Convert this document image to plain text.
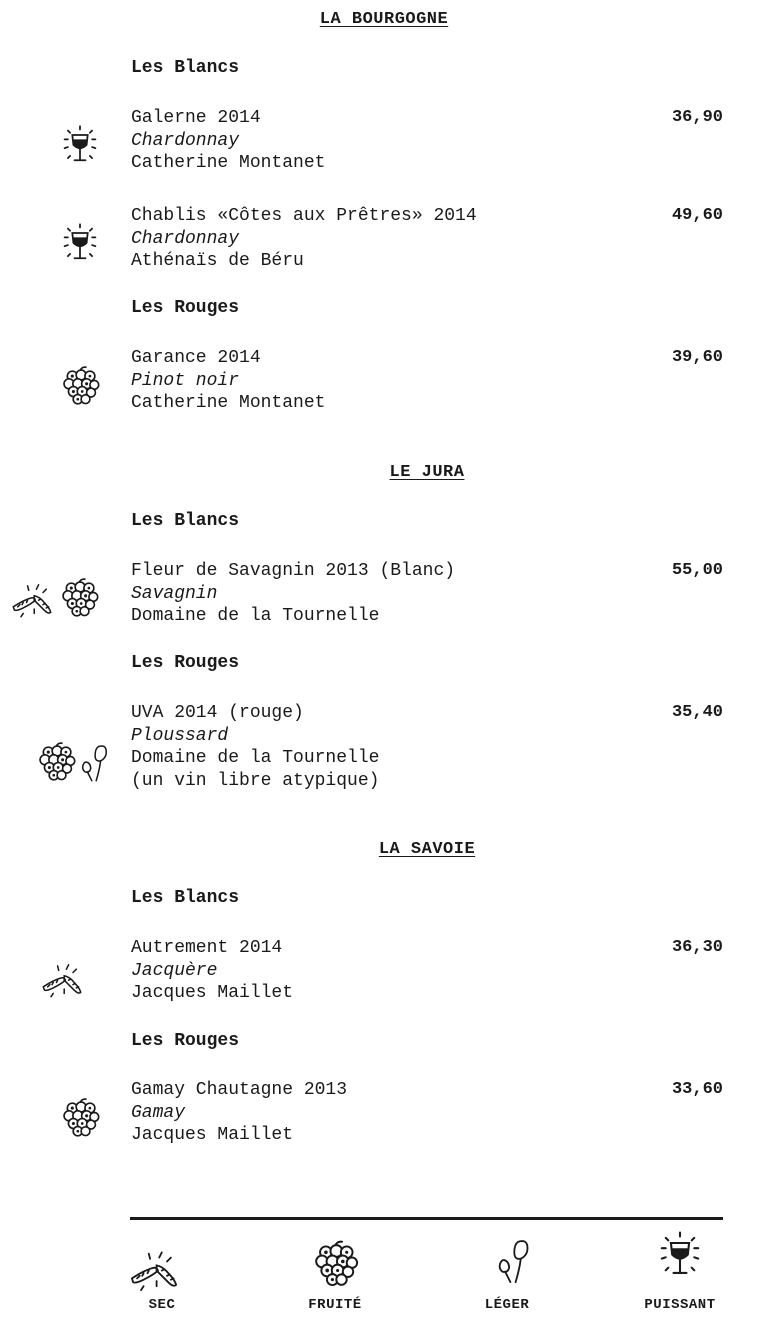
LA BOURGOGNE
Les Blancs
Galerne 2014
Chardonnay
Catherine Montanet
36,90
Chablis «Côtes aux Prêtres» 2014
Chardonnay
Athénaïs de Béru
49,60
Les Rouges
Garance 2014
Pinot noir
Catherine Montanet
39,60
LE JURA
Les Blancs
Fleur de Savagnin 2013 (Blanc)
Savagnin
Domaine de la Tournelle
55,00
Les Rouges
UVA 2014 (rouge)
Ploussard
Domaine de la Tournelle
(un vin libre atypique)
35,40
LA SAVOIE
Les Blancs
Autrement 2014
Jacquère
Jacques Maillet
36,30
Les Rouges
Gamay Chautagne 2013
Gamay
Jacques Maillet
33,60
SEC	FRUITÉ	LÉGER	PUISSANT
